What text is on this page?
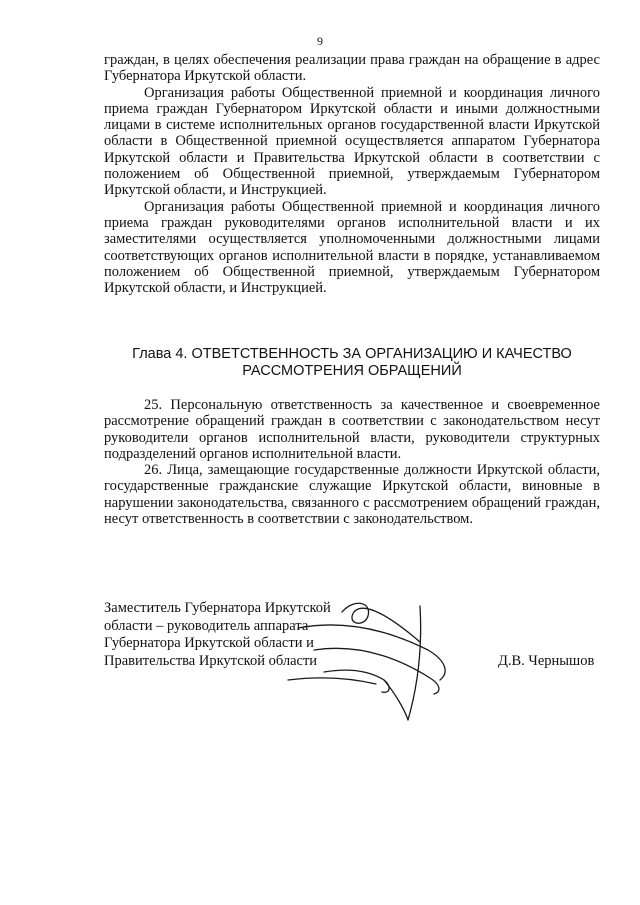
9

граждан, в целях обеспечения реализации права граждан на обращение в адрес Губернатора Иркутской области.

Организация работы Общественной приемной и координация личного приема граждан Губернатором Иркутской области и иными должностными лицами в системе исполнительных органов государственной власти Иркутской области в Общественной приемной осуществляется аппаратом Губернатора Иркутской области и Правительства Иркутской области в соответствии с положением об Общественной приемной, утверждаемым Губернатором Иркутской области, и Инструкцией.

Организация работы Общественной приемной и координация личного приема граждан руководителями органов исполнительной власти и их заместителями осуществляется уполномоченными должностными лицами соответствующих органов исполнительной власти в порядке, устанавливаемом положением об Общественной приемной, утверждаемым Губернатором Иркутской области, и Инструкцией.

Глава 4. ОТВЕТСТВЕННОСТЬ ЗА ОРГАНИЗАЦИЮ И КАЧЕСТВО
РАССМОТРЕНИЯ ОБРАЩЕНИЙ

25. Персональную ответственность за качественное и своевременное рассмотрение обращений граждан в соответствии с законодательством несут руководители органов исполнительной власти, руководители структурных подразделений органов исполнительной власти.

26. Лица, замещающие государственные должности Иркутской области, государственные гражданские служащие Иркутской области, виновные в нарушении законодательства, связанного с рассмотрением обращений граждан, несут ответственность в соответствии с законодательством.

Заместитель Губернатора Иркутской
области – руководитель аппарата
Губернатора Иркутской области и
Правительства Иркутской области	Д.В. Чернышов
